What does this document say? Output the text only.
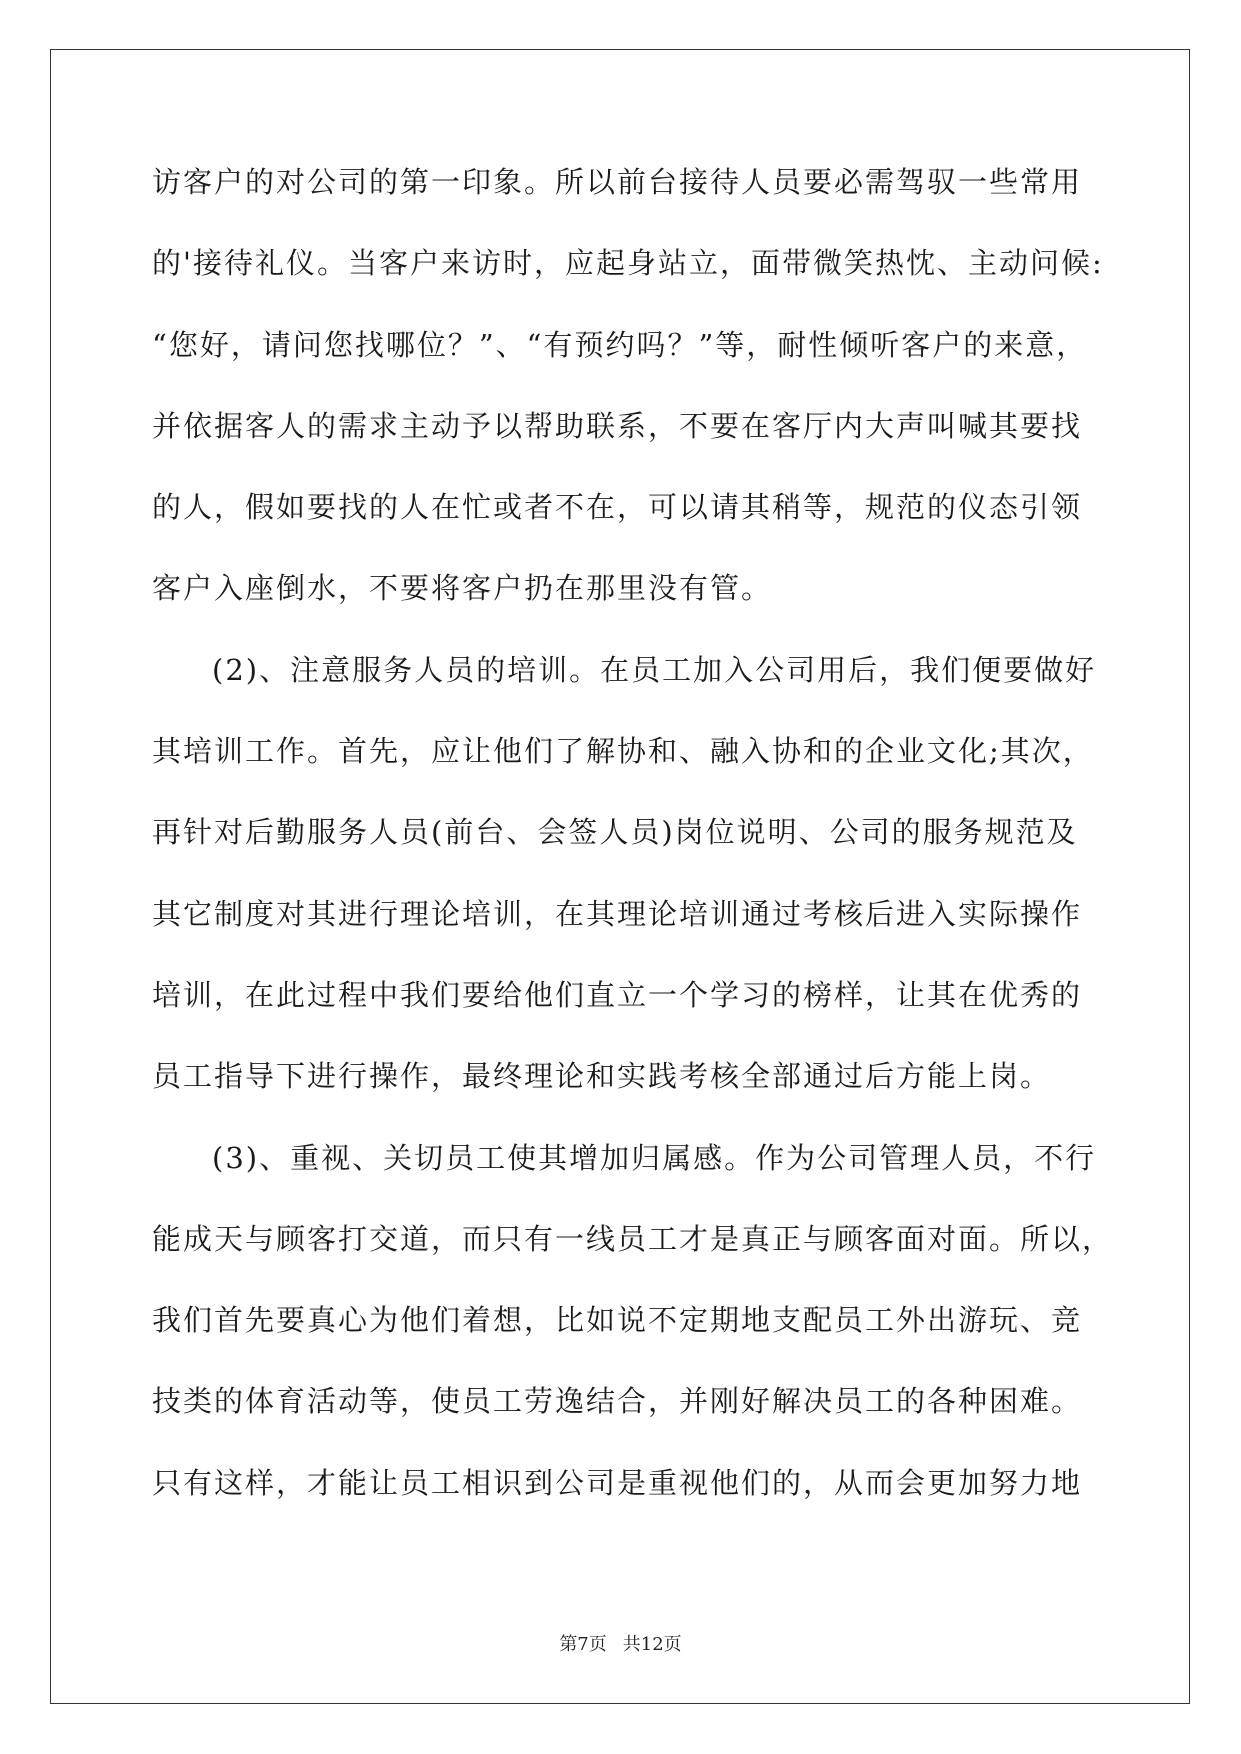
访客户的对公司的第一印象。所以前台接待人员要必需驾驭一些常用
的'接待礼仪。当客户来访时，应起身站立，面带微笑热忱、主动问候:
“您好，请问您找哪位？”、“有预约吗？”等，耐性倾听客户的来意，
并依据客人的需求主动予以帮助联系，不要在客厅内大声叫喊其要找
的人，假如要找的人在忙或者不在，可以请其稍等，规范的仪态引领
客户入座倒水，不要将客户扔在那里没有管。
(2)、注意服务人员的培训。在员工加入公司用后，我们便要做好
其培训工作。首先，应让他们了解协和、融入协和的企业文化;其次，
再针对后勤服务人员(前台、会签人员)岗位说明、公司的服务规范及
其它制度对其进行理论培训，在其理论培训通过考核后进入实际操作
培训，在此过程中我们要给他们直立一个学习的榜样，让其在优秀的
员工指导下进行操作，最终理论和实践考核全部通过后方能上岗。
(3)、重视、关切员工使其增加归属感。作为公司管理人员，不行
能成天与顾客打交道，而只有一线员工才是真正与顾客面对面。所以，
我们首先要真心为他们着想，比如说不定期地支配员工外出游玩、竞
技类的体育活动等，使员工劳逸结合，并刚好解决员工的各种困难。
只有这样，才能让员工相识到公司是重视他们的，从而会更加努力地
第7页 共12页
